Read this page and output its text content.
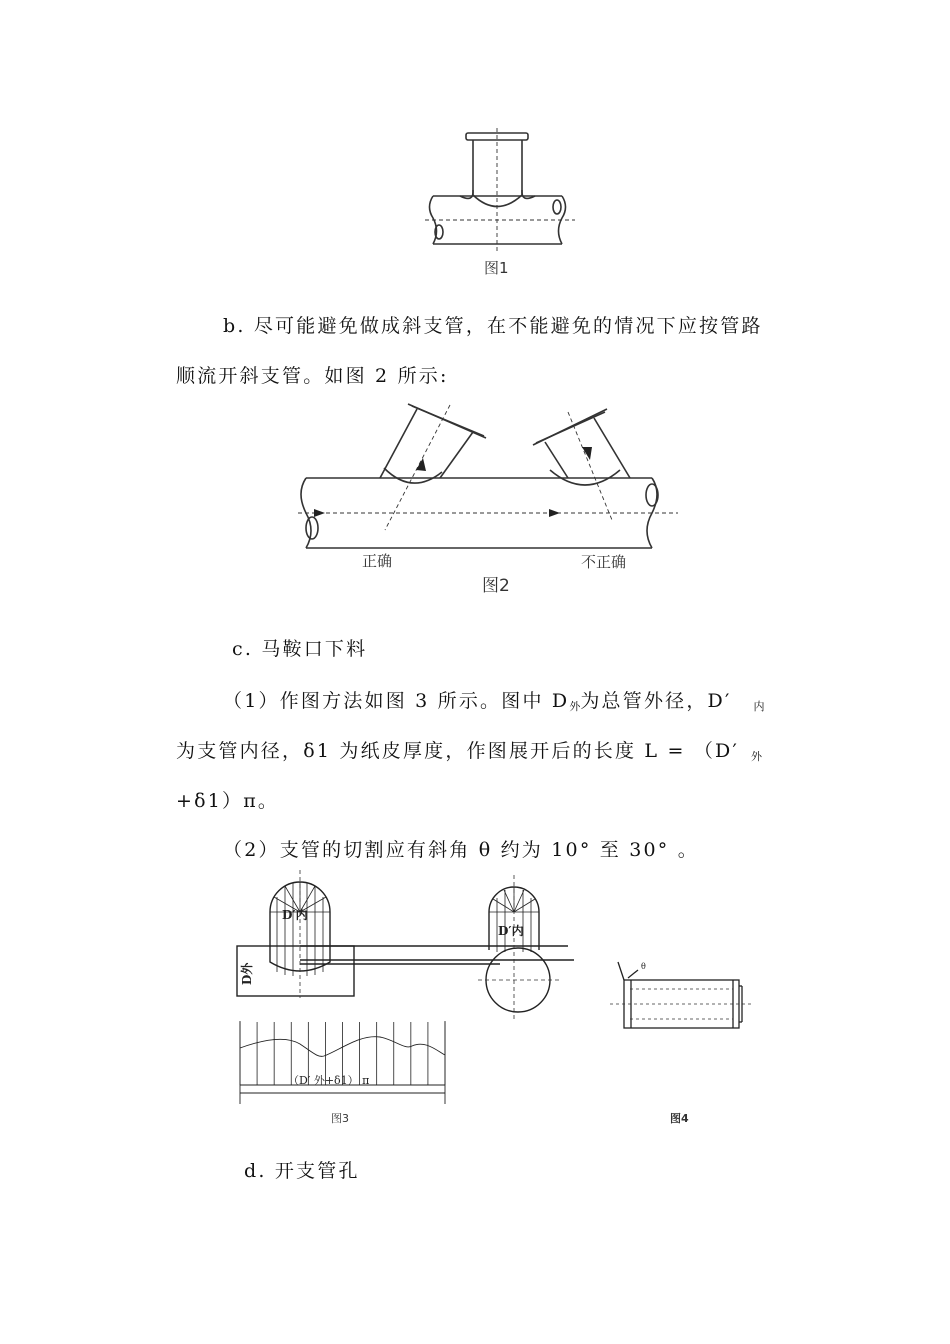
图1
b. 尽可能避免做成斜支管，在不能避免的情况下应按管路
顺流开斜支管。如图 2 所示:
正确	不正确
图2
c. 马鞍口下料
（1）作图方法如图 3 所示。图中 $D_外$为总管外径，D′ $_内$
为支管内径，δ1 为纸皮厚度，作图展开后的长度 L = （D′ $_外$
+δ1）π。
（2）支管的切割应有斜角 θ 约为 10° 至 30° 。
D′内
D′内
D外
（D′ 外+δ1） π
图3
θ
图4
d. 开支管孔
